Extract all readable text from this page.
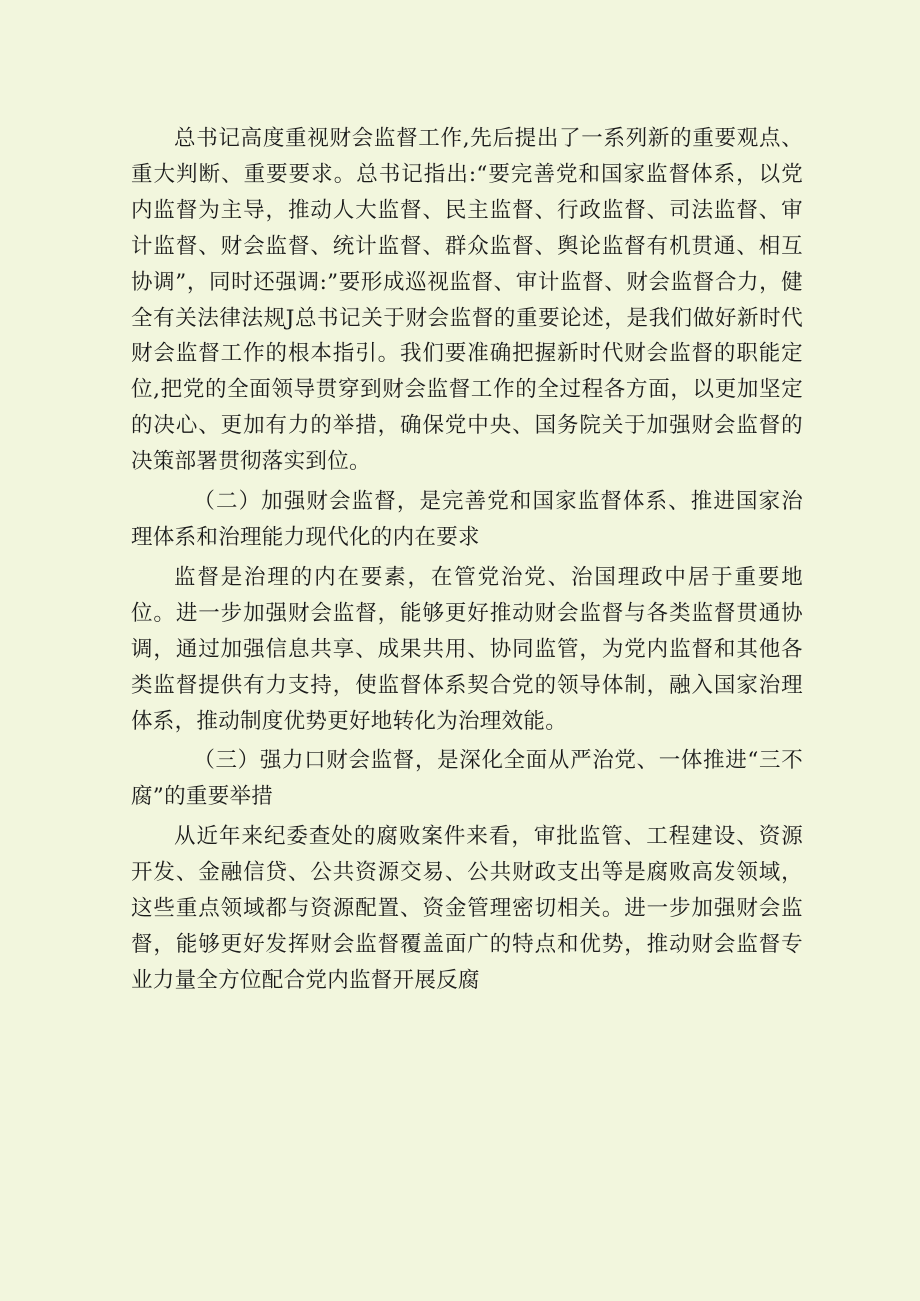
总书记高度重视财会监督工作,先后提出了一系列新的重要观点、重大判断、重要要求。总书记指出:“要完善党和国家监督体系，以党内监督为主导，推动人大监督、民主监督、行政监督、司法监督、审计监督、财会监督、统计监督、群众监督、舆论监督有机贯通、相互协调”，同时还强调:”要形成巡视监督、审计监督、财会监督合力，健全有关法律法规J总书记关于财会监督的重要论述，是我们做好新时代财会监督工作的根本指引。我们要准确把握新时代财会监督的职能定位,把党的全面领导贯穿到财会监督工作的全过程各方面，以更加坚定的决心、更加有力的举措，确保党中央、国务院关于加强财会监督的决策部署贯彻落实到位。

（二）加强财会监督，是完善党和国家监督体系、推进国家治理体系和治理能力现代化的内在要求

监督是治理的内在要素，在管党治党、治国理政中居于重要地位。进一步加强财会监督，能够更好推动财会监督与各类监督贯通协调，通过加强信息共享、成果共用、协同监管，为党内监督和其他各类监督提供有力支持，使监督体系契合党的领导体制，融入国家治理体系，推动制度优势更好地转化为治理效能。

（三）强力口财会监督，是深化全面从严治党、一体推进“三不腐”的重要举措

从近年来纪委查处的腐败案件来看，审批监管、工程建设、资源开发、金融信贷、公共资源交易、公共财政支出等是腐败高发领域，这些重点领域都与资源配置、资金管理密切相关。进一步加强财会监督，能够更好发挥财会监督覆盖面广的特点和优势，推动财会监督专业力量全方位配合党内监督开展反腐
